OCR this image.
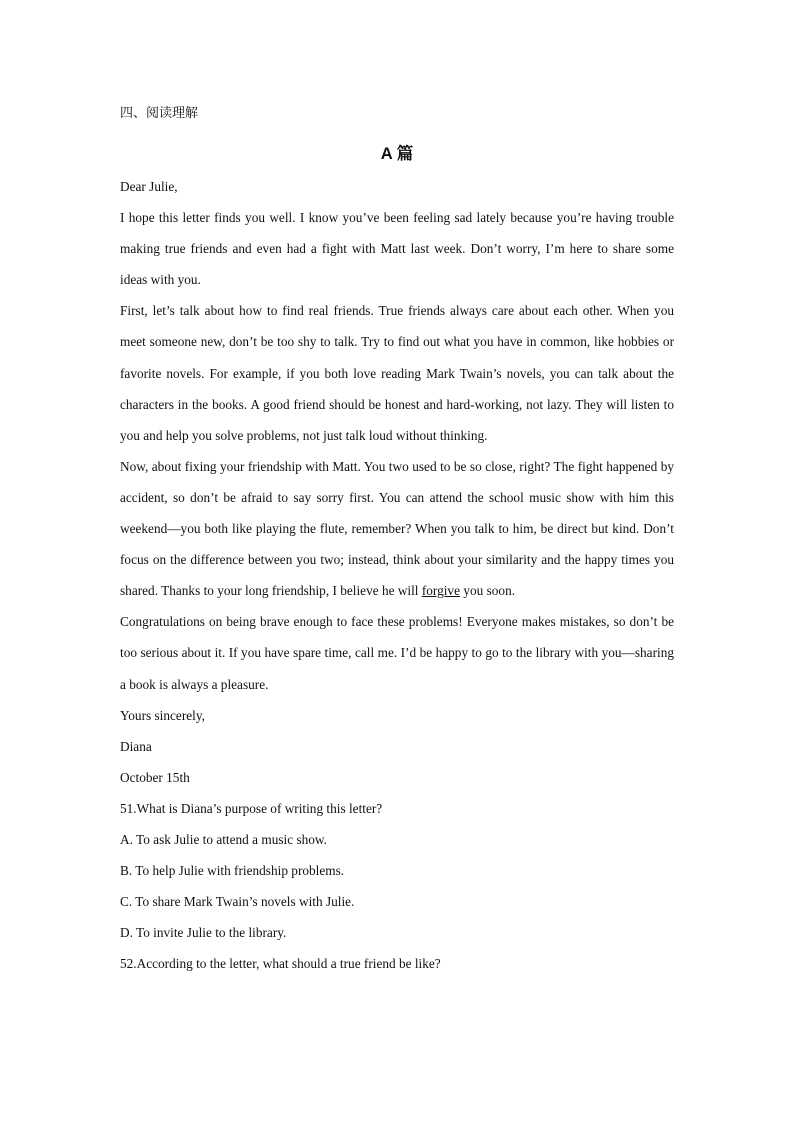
四、阅读理解
A 篇

Dear Julie,

I hope this letter finds you well. I know you’ve been feeling sad lately because you’re having trouble making true friends and even had a fight with Matt last week. Don’t worry, I’m here to share some ideas with you.

First, let’s talk about how to find real friends. True friends always care about each other. When you meet someone new, don’t be too shy to talk. Try to find out what you have in common, like hobbies or favorite novels. For example, if you both love reading Mark Twain’s novels, you can talk about the characters in the books. A good friend should be honest and hard-working, not lazy. They will listen to you and help you solve problems, not just talk loud without thinking.

Now, about fixing your friendship with Matt. You two used to be so close, right? The fight happened by accident, so don’t be afraid to say sorry first. You can attend the school music show with him this weekend—you both like playing the flute, remember? When you talk to him, be direct but kind. Don’t focus on the difference between you two; instead, think about your similarity and the happy times you shared. Thanks to your long friendship, I believe he will forgive you soon.

Congratulations on being brave enough to face these problems! Everyone makes mistakes, so don’t be too serious about it. If you have spare time, call me. I’d be happy to go to the library with you—sharing a book is always a pleasure.

Yours sincerely,

Diana

October 15th

51.What is Diana’s purpose of writing this letter?

A. To ask Julie to attend a music show.

B. To help Julie with friendship problems.

C. To share Mark Twain’s novels with Julie.

D. To invite Julie to the library.

52.According to the letter, what should a true friend be like?
